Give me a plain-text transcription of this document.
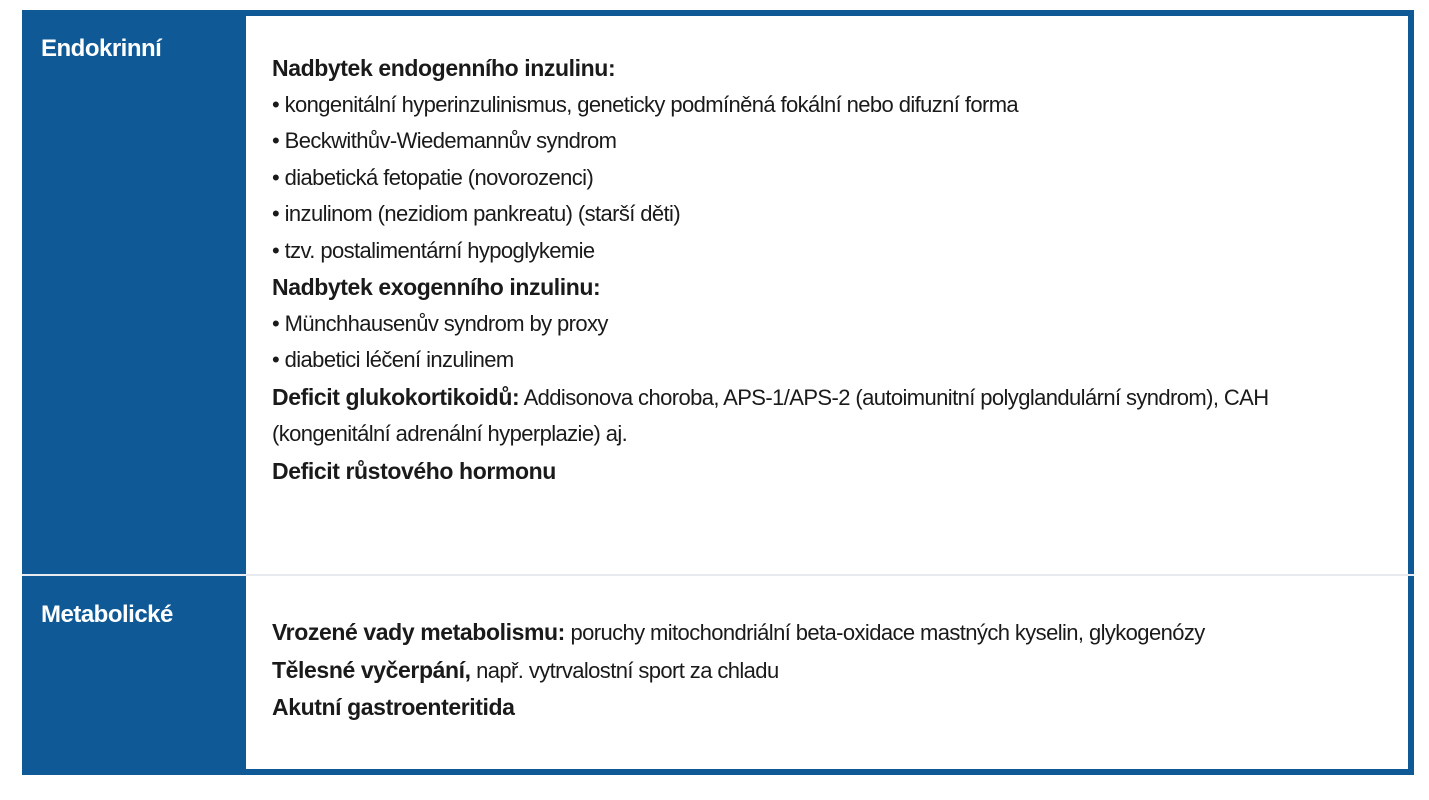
Endokrinní
Nadbytek endogenního inzulinu:
• kongenitální hyperinzulinismus, geneticky podmíněná fokální nebo difuzní forma
• Beckwithův-Wiedemannův syndrom
• diabetická fetopatie (novorozenci)
• inzulinom (nezidiom pankreatu) (starší děti)
• tzv. postalimentární hypoglykemie
Nadbytek exogenního inzulinu:
• Münchhausenův syndrom by proxy
• diabetici léčení inzulinem
Deficit glukokortikoidů: Addisonova choroba, APS-1/APS-2 (autoimunitní polyglandulární syndrom), CAH (kongenitální adrenální hyperplazie) aj.
Deficit růstového hormonu
Metabolické
Vrozené vady metabolismu: poruchy mitochondriální beta-oxidace mastných kyselin, glykogenózy
Tělesné vyčerpání, např. vytrvalostní sport za chladu
Akutní gastroenteritida
